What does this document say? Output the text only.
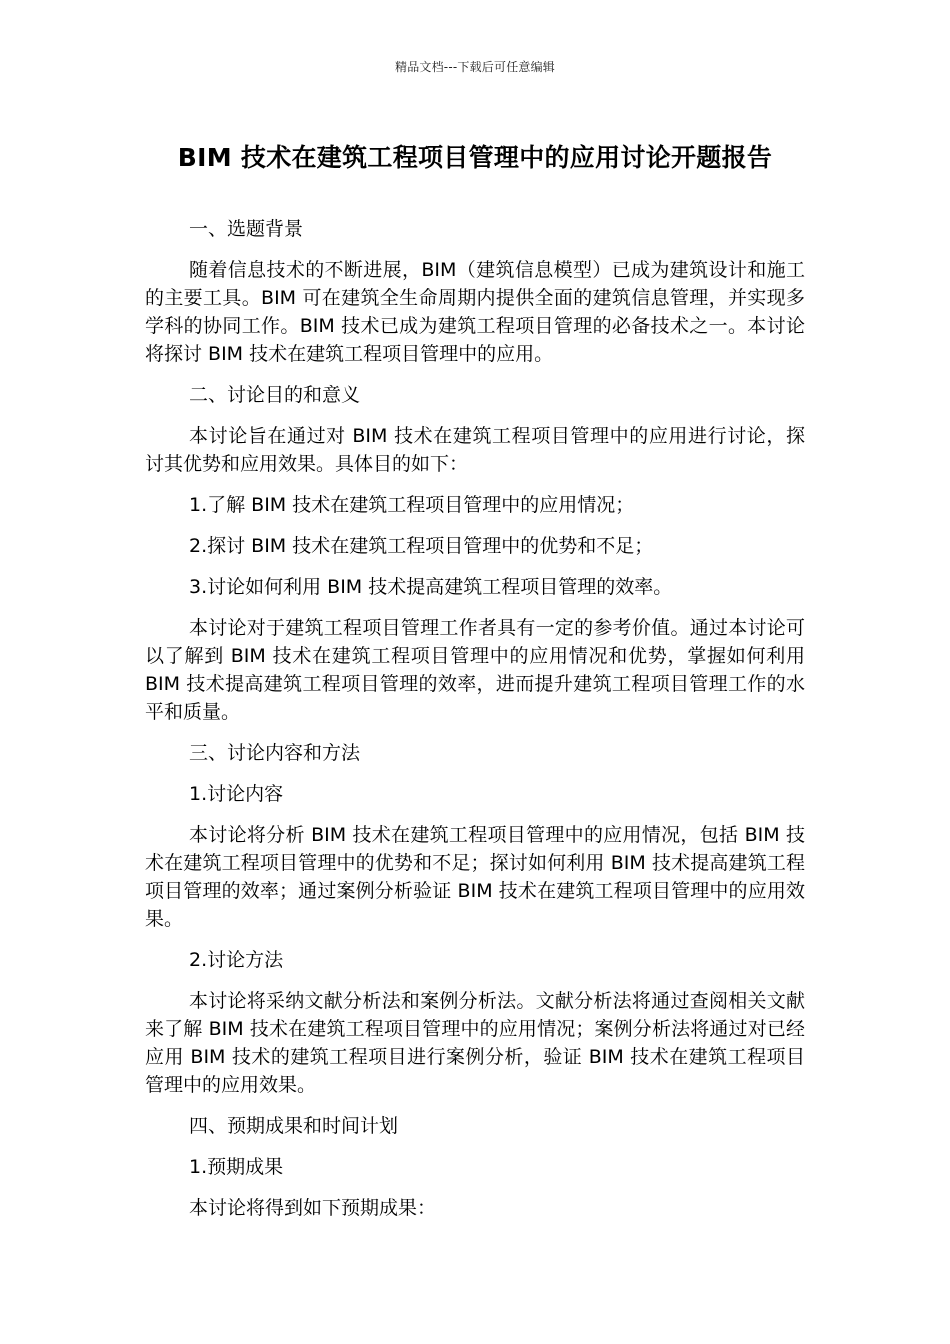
精品文档---下载后可任意编辑
BIM 技术在建筑工程项目管理中的应用讨论开题报告

一、选题背景

随着信息技术的不断进展，BIM（建筑信息模型）已成为建筑设计和施工的主要工具。BIM 可在建筑全生命周期内提供全面的建筑信息管理，并实现多学科的协同工作。BIM 技术已成为建筑工程项目管理的必备技术之一。本讨论将探讨 BIM 技术在建筑工程项目管理中的应用。

二、讨论目的和意义

本讨论旨在通过对 BIM 技术在建筑工程项目管理中的应用进行讨论，探讨其优势和应用效果。具体目的如下：

1.了解 BIM 技术在建筑工程项目管理中的应用情况；

2.探讨 BIM 技术在建筑工程项目管理中的优势和不足；

3.讨论如何利用 BIM 技术提高建筑工程项目管理的效率。

本讨论对于建筑工程项目管理工作者具有一定的参考价值。通过本讨论可以了解到 BIM 技术在建筑工程项目管理中的应用情况和优势，掌握如何利用 BIM 技术提高建筑工程项目管理的效率，进而提升建筑工程项目管理工作的水平和质量。

三、讨论内容和方法

1.讨论内容

本讨论将分析 BIM 技术在建筑工程项目管理中的应用情况，包括 BIM 技术在建筑工程项目管理中的优势和不足；探讨如何利用 BIM 技术提高建筑工程项目管理的效率；通过案例分析验证 BIM 技术在建筑工程项目管理中的应用效果。

2.讨论方法

本讨论将采纳文献分析法和案例分析法。文献分析法将通过查阅相关文献来了解 BIM 技术在建筑工程项目管理中的应用情况；案例分析法将通过对已经应用 BIM 技术的建筑工程项目进行案例分析，验证 BIM 技术在建筑工程项目管理中的应用效果。

四、预期成果和时间计划

1.预期成果

本讨论将得到如下预期成果：
